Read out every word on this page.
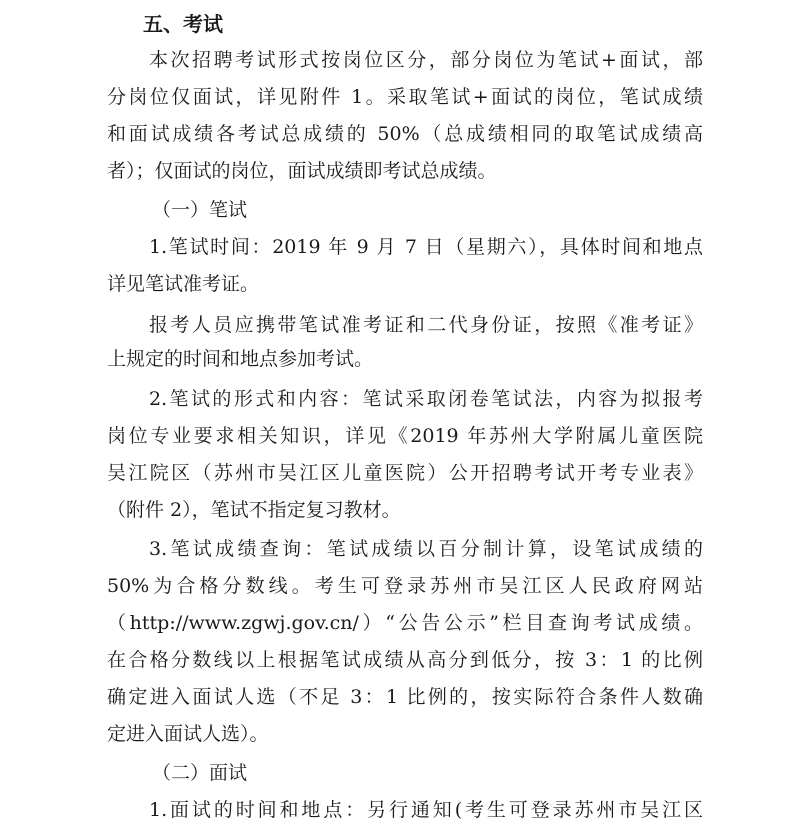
五、考试
本次招聘考试形式按岗位区分，部分岗位为笔试+面试，部
分岗位仅面试，详见附件 1。采取笔试+面试的岗位，笔试成绩
和面试成绩各考试总成绩的 50%（总成绩相同的取笔试成绩高
者）；仅面试的岗位，面试成绩即考试总成绩。
（一）笔试
1.笔试时间：2019 年 9 月 7 日（星期六），具体时间和地点
详见笔试准考证。
报考人员应携带笔试准考证和二代身份证，按照《准考证》
上规定的时间和地点参加考试。
2.笔试的形式和内容：笔试采取闭卷笔试法，内容为拟报考
岗位专业要求相关知识，详见《2019 年苏州大学附属儿童医院
吴江院区（苏州市吴江区儿童医院）公开招聘考试开考专业表》
（附件 2），笔试不指定复习教材。
3.笔试成绩查询：笔试成绩以百分制计算，设笔试成绩的
50%为合格分数线。考生可登录苏州市吴江区人民政府网站
（http://www.zgwj.gov.cn/）“公告公示”栏目查询考试成绩。
在合格分数线以上根据笔试成绩从高分到低分，按 3：1 的比例
确定进入面试人选（不足 3：1 比例的，按实际符合条件人数确
定进入面试人选）。
（二）面试
1.面试的时间和地点：另行通知(考生可登录苏州市吴江区
